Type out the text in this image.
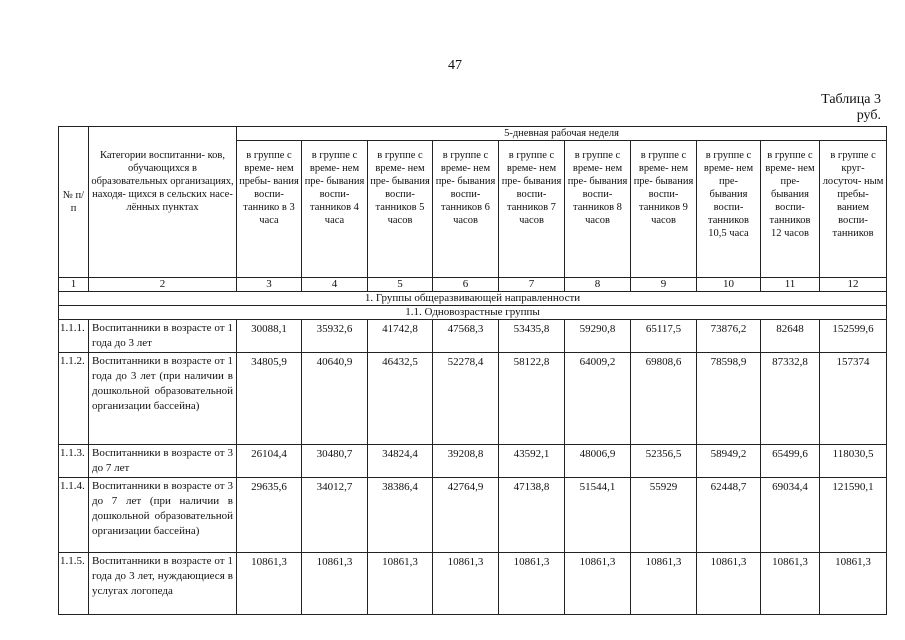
47
Таблица 3
руб.
№ п/п	Категории воспитанни- ков, обучающихся в образовательных организациях, находя- щихся в сельских насе- лённых пунктах	5-дневная рабочая неделя									
		в группе с време- нем пребы- вания воспи- таннико в 3 часа	в группе с време- нем пре- бывания воспи- танников 4 часа	в группе с време- нем пре- бывания воспи- танников 5 часов	в группе с време- нем пре- бывания воспи- танников 6 часов	в группе с време- нем пре- бывания воспи- танников 7 часов	в группе с време- нем пре- бывания воспи- танников 8 часов	в группе с време- нем пре- бывания воспи- танников 9 часов	в группе с време- нем пре- бывания воспи- танников 10,5 часа	в группе с време- нем пре- бывания воспи- танников 12 часов	в группе с круг- лосуточ- ным пребы- ванием воспи- танников
1	2	3	4	5	6	7	8	9	10	11	12
1. Группы общеразвивающей направленности											
1.1. Одновозрастные группы											
1.1.1.	Воспитанники в возрасте от 1 года до 3 лет	30088,1	35932,6	41742,8	47568,3	53435,8	59290,8	65117,5	73876,2	82648	152599,6
1.1.2.	Воспитанники в возрасте от 1 года до 3 лет (при наличии в дошкольной образовательной организации бассейна)	34805,9	40640,9	46432,5	52278,4	58122,8	64009,2	69808,6	78598,9	87332,8	157374
1.1.3.	Воспитанники в возрасте от 3 до 7 лет	26104,4	30480,7	34824,4	39208,8	43592,1	48006,9	52356,5	58949,2	65499,6	118030,5
1.1.4.	Воспитанники в возрасте от 3 до 7 лет (при наличии в дошкольной образовательной организации бассейна)	29635,6	34012,7	38386,4	42764,9	47138,8	51544,1	55929	62448,7	69034,4	121590,1
1.1.5.	Воспитанники в возрасте от 1 года до 3 лет, нуждающиеся в услугах логопеда	10861,3	10861,3	10861,3	10861,3	10861,3	10861,3	10861,3	10861,3	10861,3	10861,3
